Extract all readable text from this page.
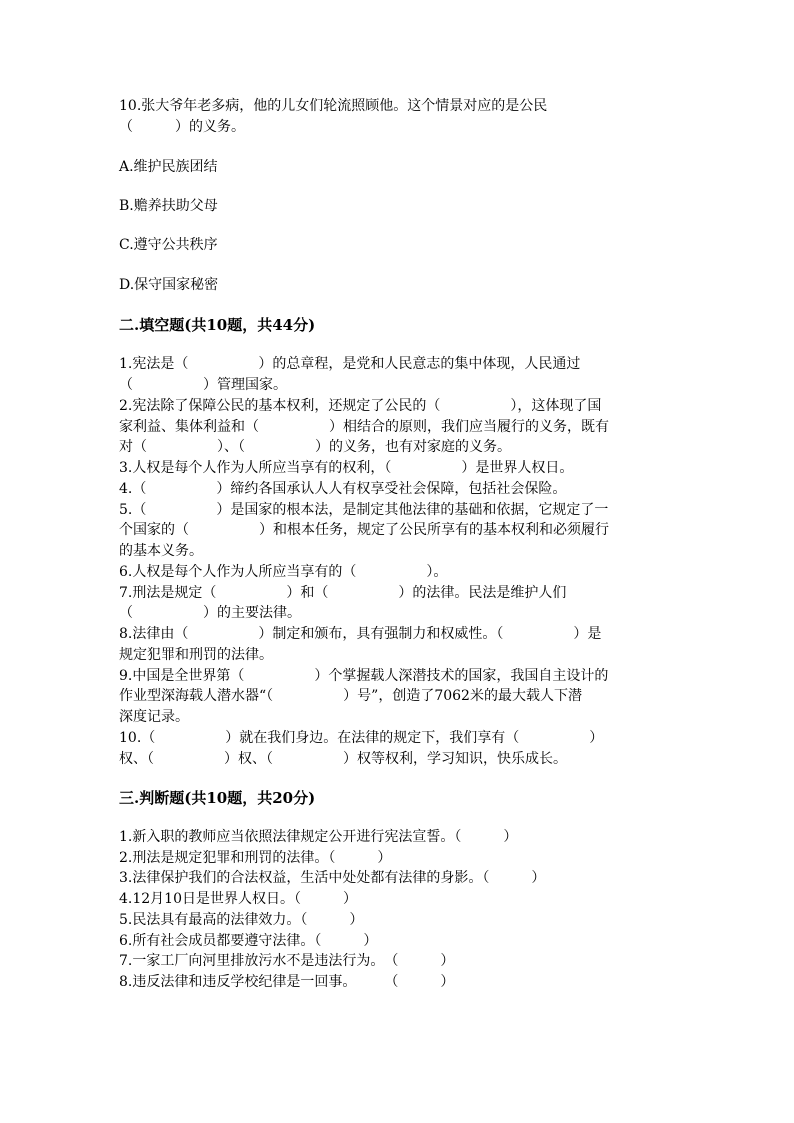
10.张大爷年老多病，他的儿女们轮流照顾他。这个情景对应的是公民
（　　　）的义务。
A.维护民族团结
B.赡养扶助父母
C.遵守公共秩序
D.保守国家秘密
二.填空题(共10题，共44分)
1.宪法是（　　　　　）的总章程，是党和人民意志的集中体现，人民通过
（　　　　　）管理国家。
2.宪法除了保障公民的基本权利，还规定了公民的（　　　　　），这体现了国
家利益、集体利益和（　　　　　）相结合的原则，我们应当履行的义务，既有
对（　　　　　）、（　　　　　）的义务，也有对家庭的义务。
3.人权是每个人作为人所应当享有的权利，（　　　　　）是世界人权日。
4.（　　　　　）缔约各国承认人人有权享受社会保障，包括社会保险。
5.（　　　　　）是国家的根本法，是制定其他法律的基础和依据，它规定了一
个国家的（　　　　　）和根本任务，规定了公民所享有的基本权利和必须履行
的基本义务。
6.人权是每个人作为人所应当享有的（　　　　　）。
7.刑法是规定（　　　　　）和（　　　　　）的法律。民法是维护人们
（　　　　　）的主要法律。
8.法律由（　　　　　）制定和颁布，具有强制力和权威性。（　　　　　）是
规定犯罪和刑罚的法律。
9.中国是全世界第（　　　　　）个掌握载人深潜技术的国家，我国自主设计的
作业型深海载人潜水器“（　　　　　）号”，创造了7062米的最大载人下潜
深度记录。
10.（　　　　　）就在我们身边。在法律的规定下，我们享有（　　　　　）
权、（　　　　　）权、（　　　　　）权等权利，学习知识，快乐成长。
三.判断题(共10题，共20分)
1.新入职的教师应当依照法律规定公开进行宪法宣誓。（　　　）
2.刑法是规定犯罪和刑罚的法律。（　　　）
3.法律保护我们的合法权益，生活中处处都有法律的身影。（　　　）
4.12月10日是世界人权日。（　　　）
5.民法具有最高的法律效力。（　　　）
6.所有社会成员都要遵守法律。（　　　）
7.一家工厂向河里排放污水不是违法行为。　（　　　）
8.违反法律和违反学校纪律是一回事。　　　（　　　）
